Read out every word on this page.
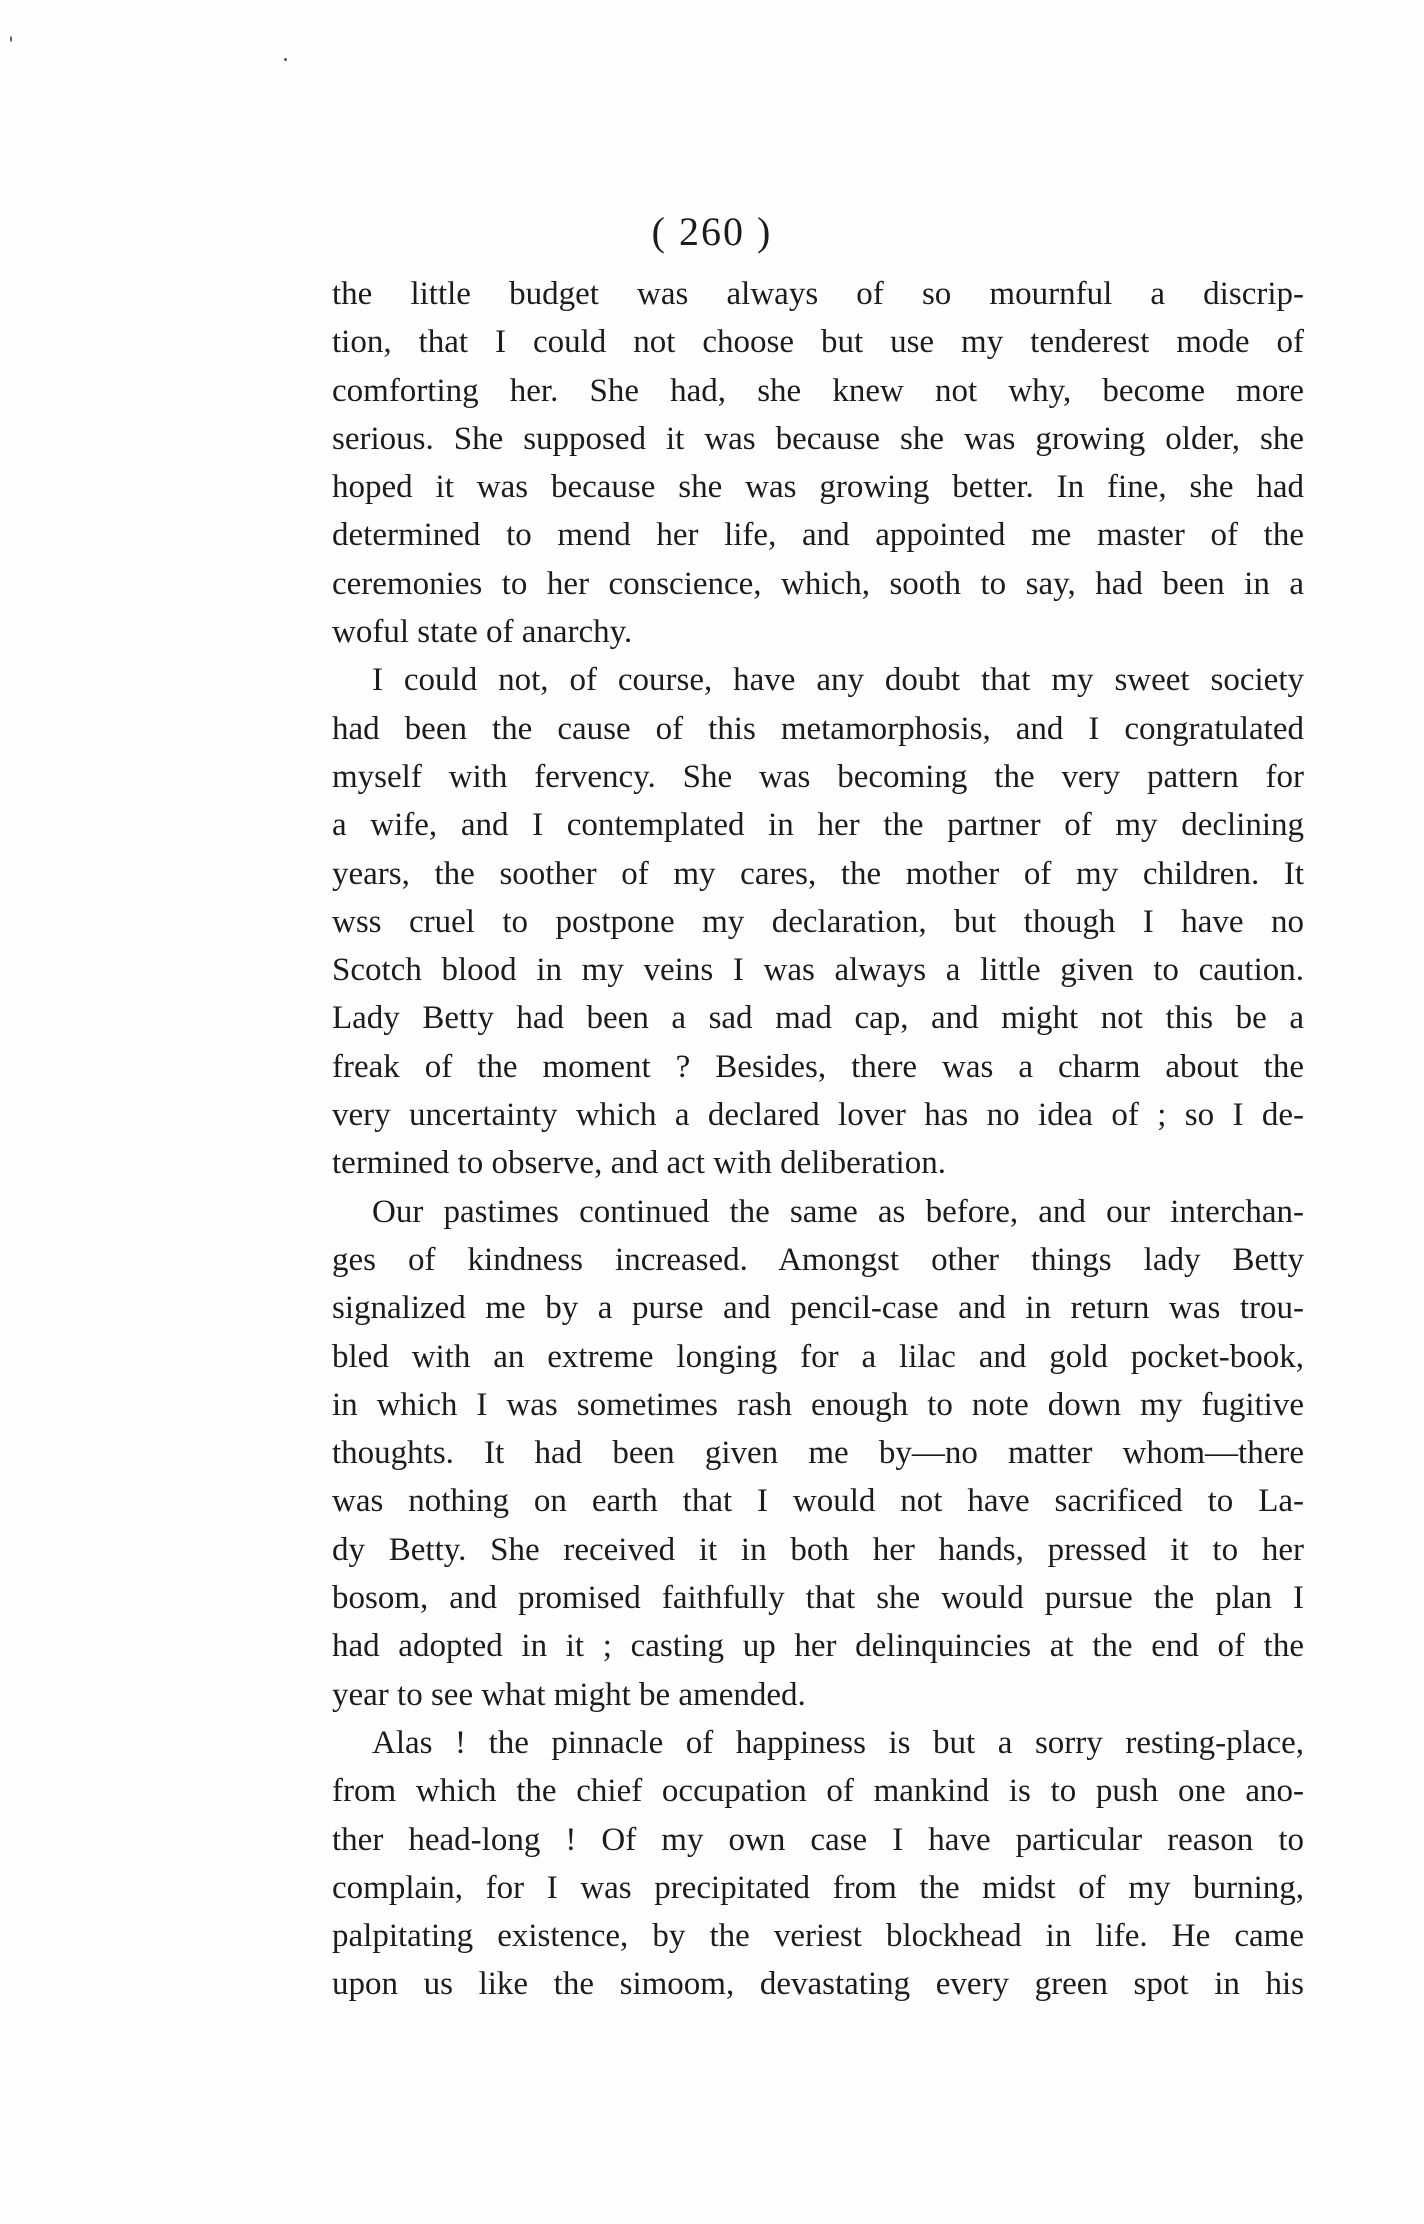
( 260 )
the little budget was always of so mournful a discrip-
tion, that I could not choose but use my tenderest mode of
comforting her. She had, she knew not why, become more
serious. She supposed it was because she was growing older, she
hoped it was because she was growing better. In fine, she had
determined to mend her life, and appointed me master of the
ceremonies to her conscience, which, sooth to say, had been in a
woful state of anarchy.
I could not, of course, have any doubt that my sweet society
had been the cause of this metamorphosis, and I congratulated
myself with fervency. She was becoming the very pattern for
a wife, and I contemplated in her the partner of my declining
years, the soother of my cares, the mother of my children. It
wss cruel to postpone my declaration, but though I have no
Scotch blood in my veins I was always a little given to caution.
Lady Betty had been a sad mad cap, and might not this be a
freak of the moment ? Besides, there was a charm about the
very uncertainty which a declared lover has no idea of ; so I de-
termined to observe, and act with deliberation.
Our pastimes continued the same as before, and our interchan-
ges of kindness increased. Amongst other things lady Betty
signalized me by a purse and pencil-case and in return was trou-
bled with an extreme longing for a lilac and gold pocket-book,
in which I was sometimes rash enough to note down my fugitive
thoughts. It had been given me by—no matter whom—there
was nothing on earth that I would not have sacrificed to La-
dy Betty. She received it in both her hands, pressed it to her
bosom, and promised faithfully that she would pursue the plan I
had adopted in it ; casting up her delinquincies at the end of the
year to see what might be amended.
Alas ! the pinnacle of happiness is but a sorry resting-place,
from which the chief occupation of mankind is to push one ano-
ther head-long ! Of my own case I have particular reason to
complain, for I was precipitated from the midst of my burning,
palpitating existence, by the veriest blockhead in life. He came
upon us like the simoom, devastating every green spot in his
